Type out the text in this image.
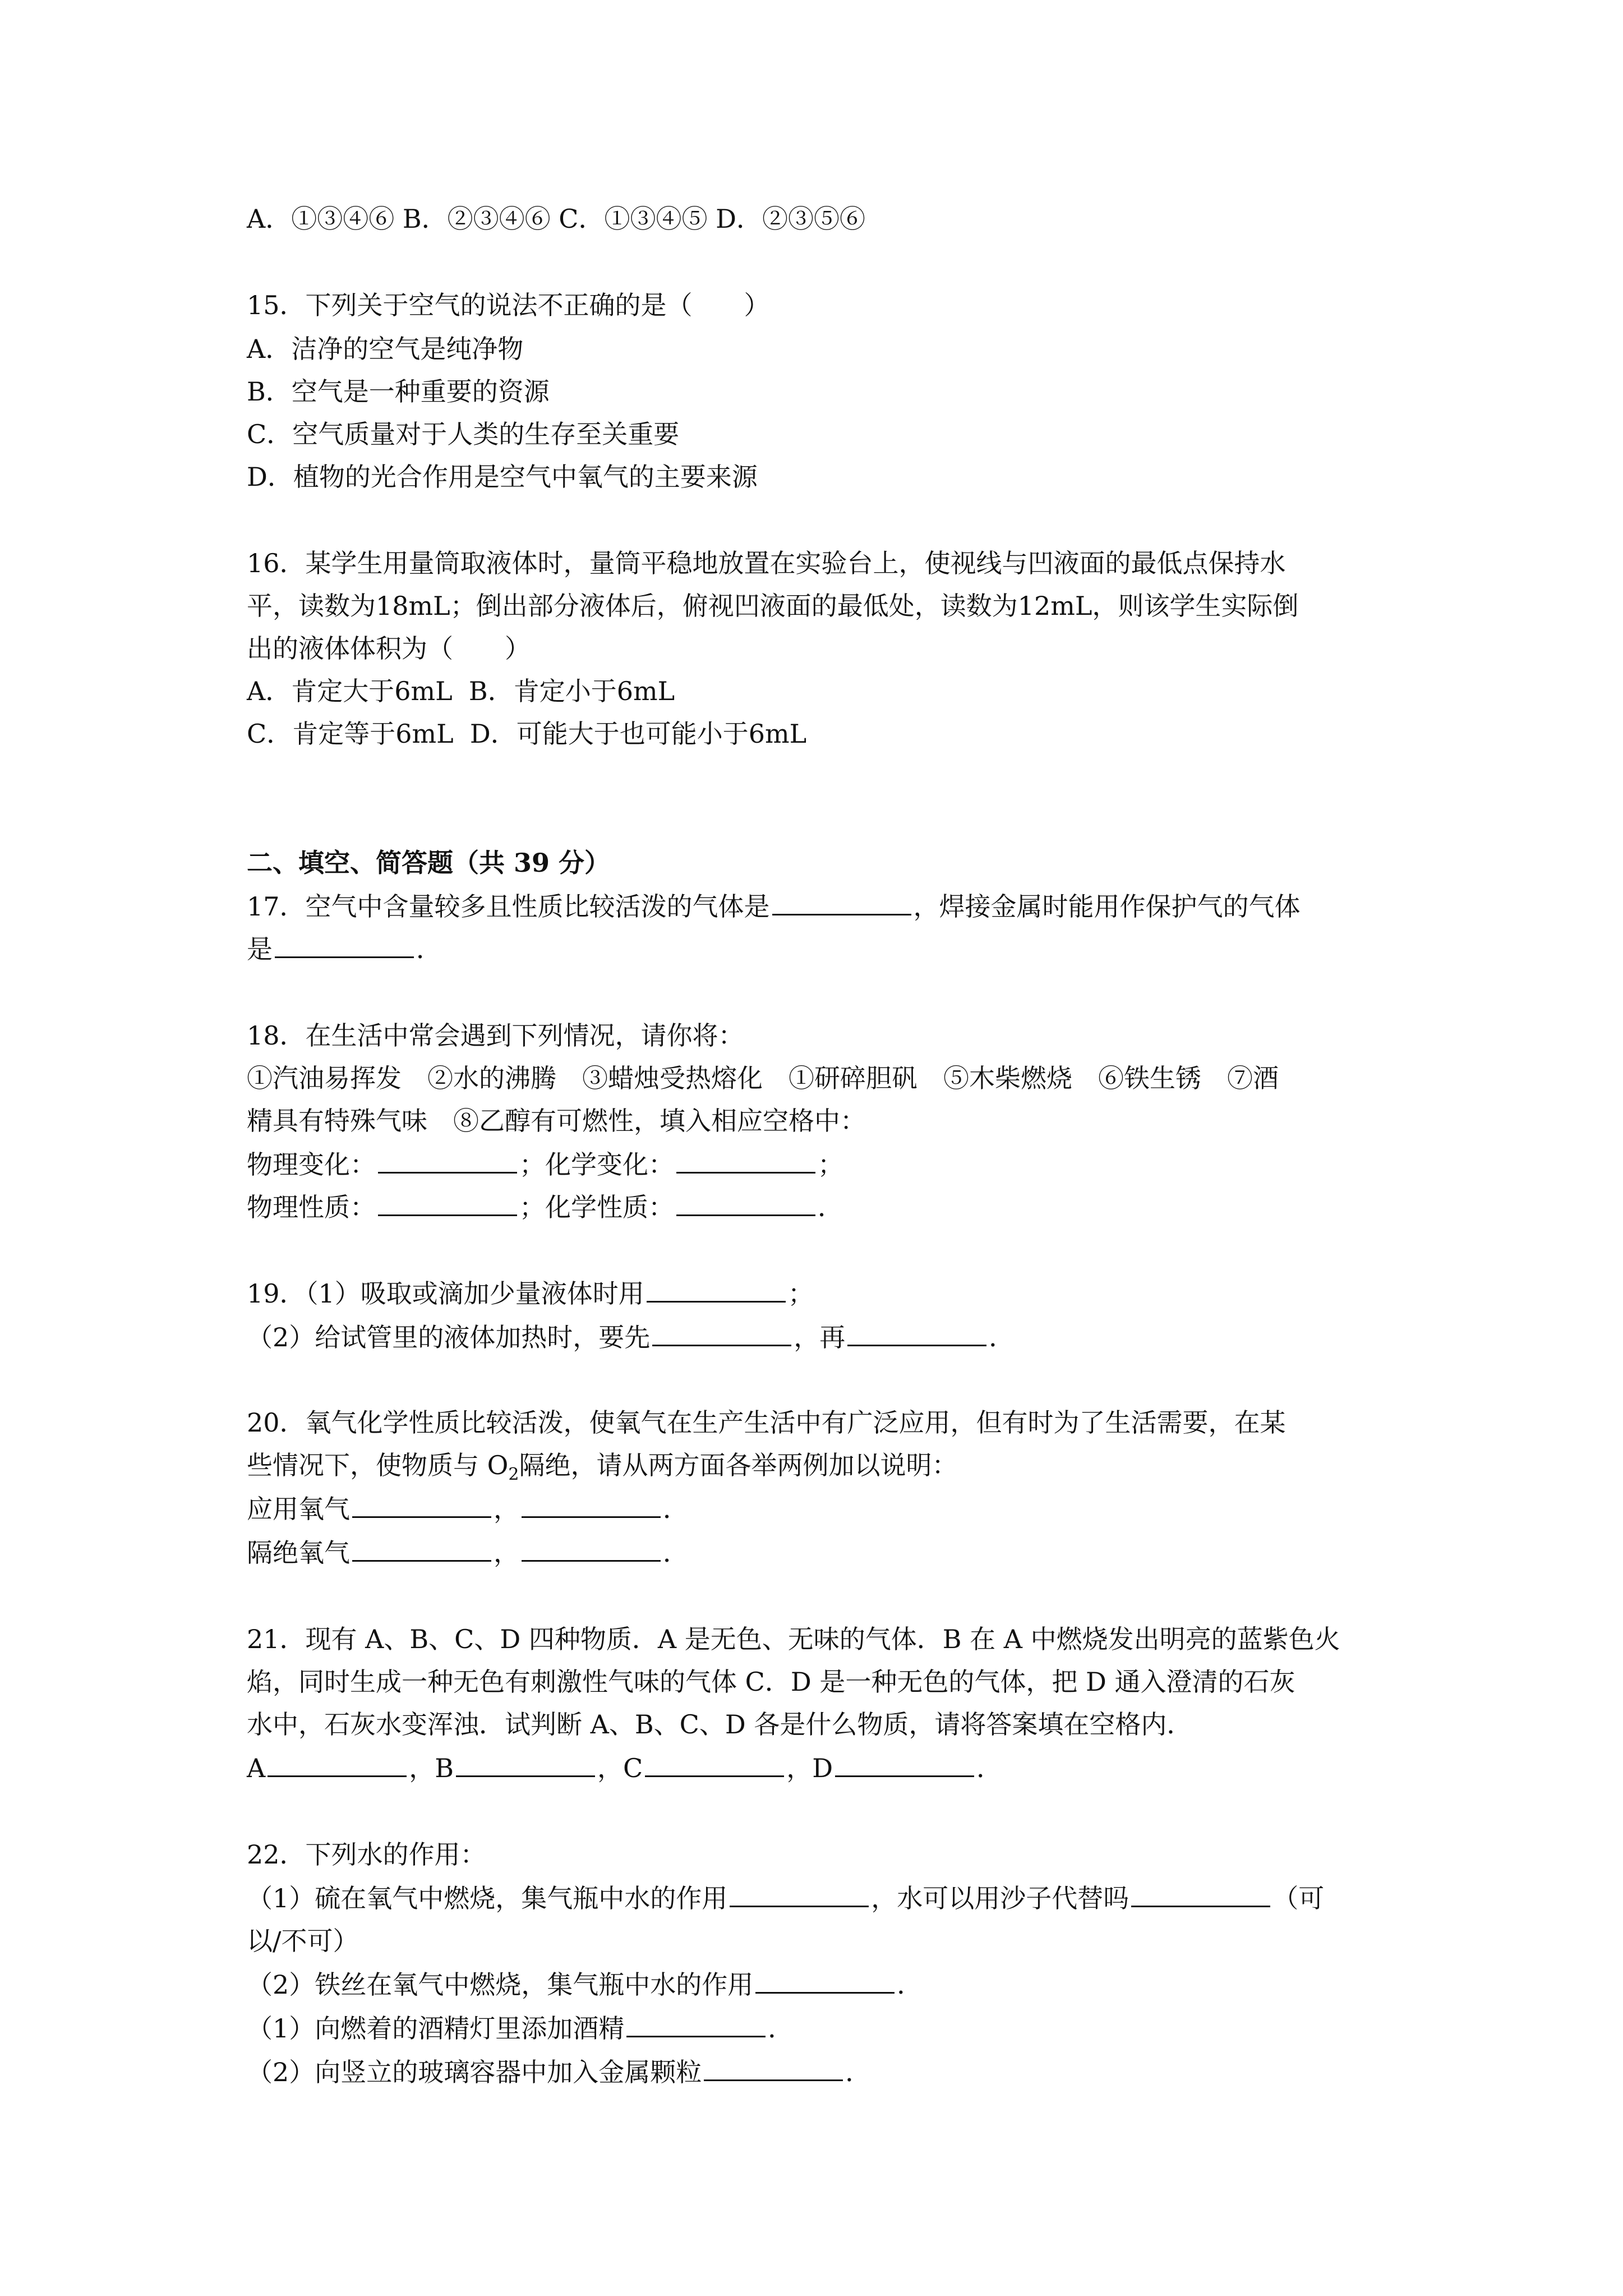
A．①③④⑥ B．②③④⑥ C．①③④⑤ D．②③⑤⑥
15．下列关于空气的说法不正确的是（　　）
A．洁净的空气是纯净物
B．空气是一种重要的资源
C．空气质量对于人类的生存至关重要
D．植物的光合作用是空气中氧气的主要来源
16．某学生用量筒取液体时，量筒平稳地放置在实验台上，使视线与凹液面的最低点保持水
平，读数为18mL；倒出部分液体后，俯视凹液面的最低处，读数为12mL，则该学生实际倒
出的液体体积为（　　）
A．肯定大于6mL  B．肯定小于6mL
C．肯定等于6mL  D．可能大于也可能小于6mL
二、填空、简答题（共 39 分）
17．空气中含量较多且性质比较活泼的气体是	，焊接金属时能用作保护气的气体
是	．
18．在生活中常会遇到下列情况，请你将：
①汽油易挥发　②水的沸腾　③蜡烛受热熔化　①研碎胆矾　⑤木柴燃烧　⑥铁生锈　⑦酒
精具有特殊气味　⑧乙醇有可燃性，填入相应空格中：
物理变化：	；化学变化：	；
物理性质：	；化学性质：	．
19．（1）吸取或滴加少量液体时用	；
（2）给试管里的液体加热时，要先	，再	．
20．氧气化学性质比较活泼，使氧气在生产生活中有广泛应用，但有时为了生活需要，在某
些情况下，使物质与 $O_2$隔绝，请从两方面各举两例加以说明：
应用氧气	，	．
隔绝氧气	，	．
21．现有 A、B、C、D 四种物质．A 是无色、无味的气体．B 在 A 中燃烧发出明亮的蓝紫色火
焰，同时生成一种无色有刺激性气味的气体 C．D 是一种无色的气体，把 D 通入澄清的石灰
水中，石灰水变浑浊．试判断 A、B、C、D 各是什么物质，请将答案填在空格内．
A	，B	，C	，D	．
22．下列水的作用：
（1）硫在氧气中燃烧，集气瓶中水的作用	，水可以用沙子代替吗	（可
以/不可）
（2）铁丝在氧气中燃烧，集气瓶中水的作用	．
（1）向燃着的酒精灯里添加酒精	．
（2）向竖立的玻璃容器中加入金属颗粒	．
